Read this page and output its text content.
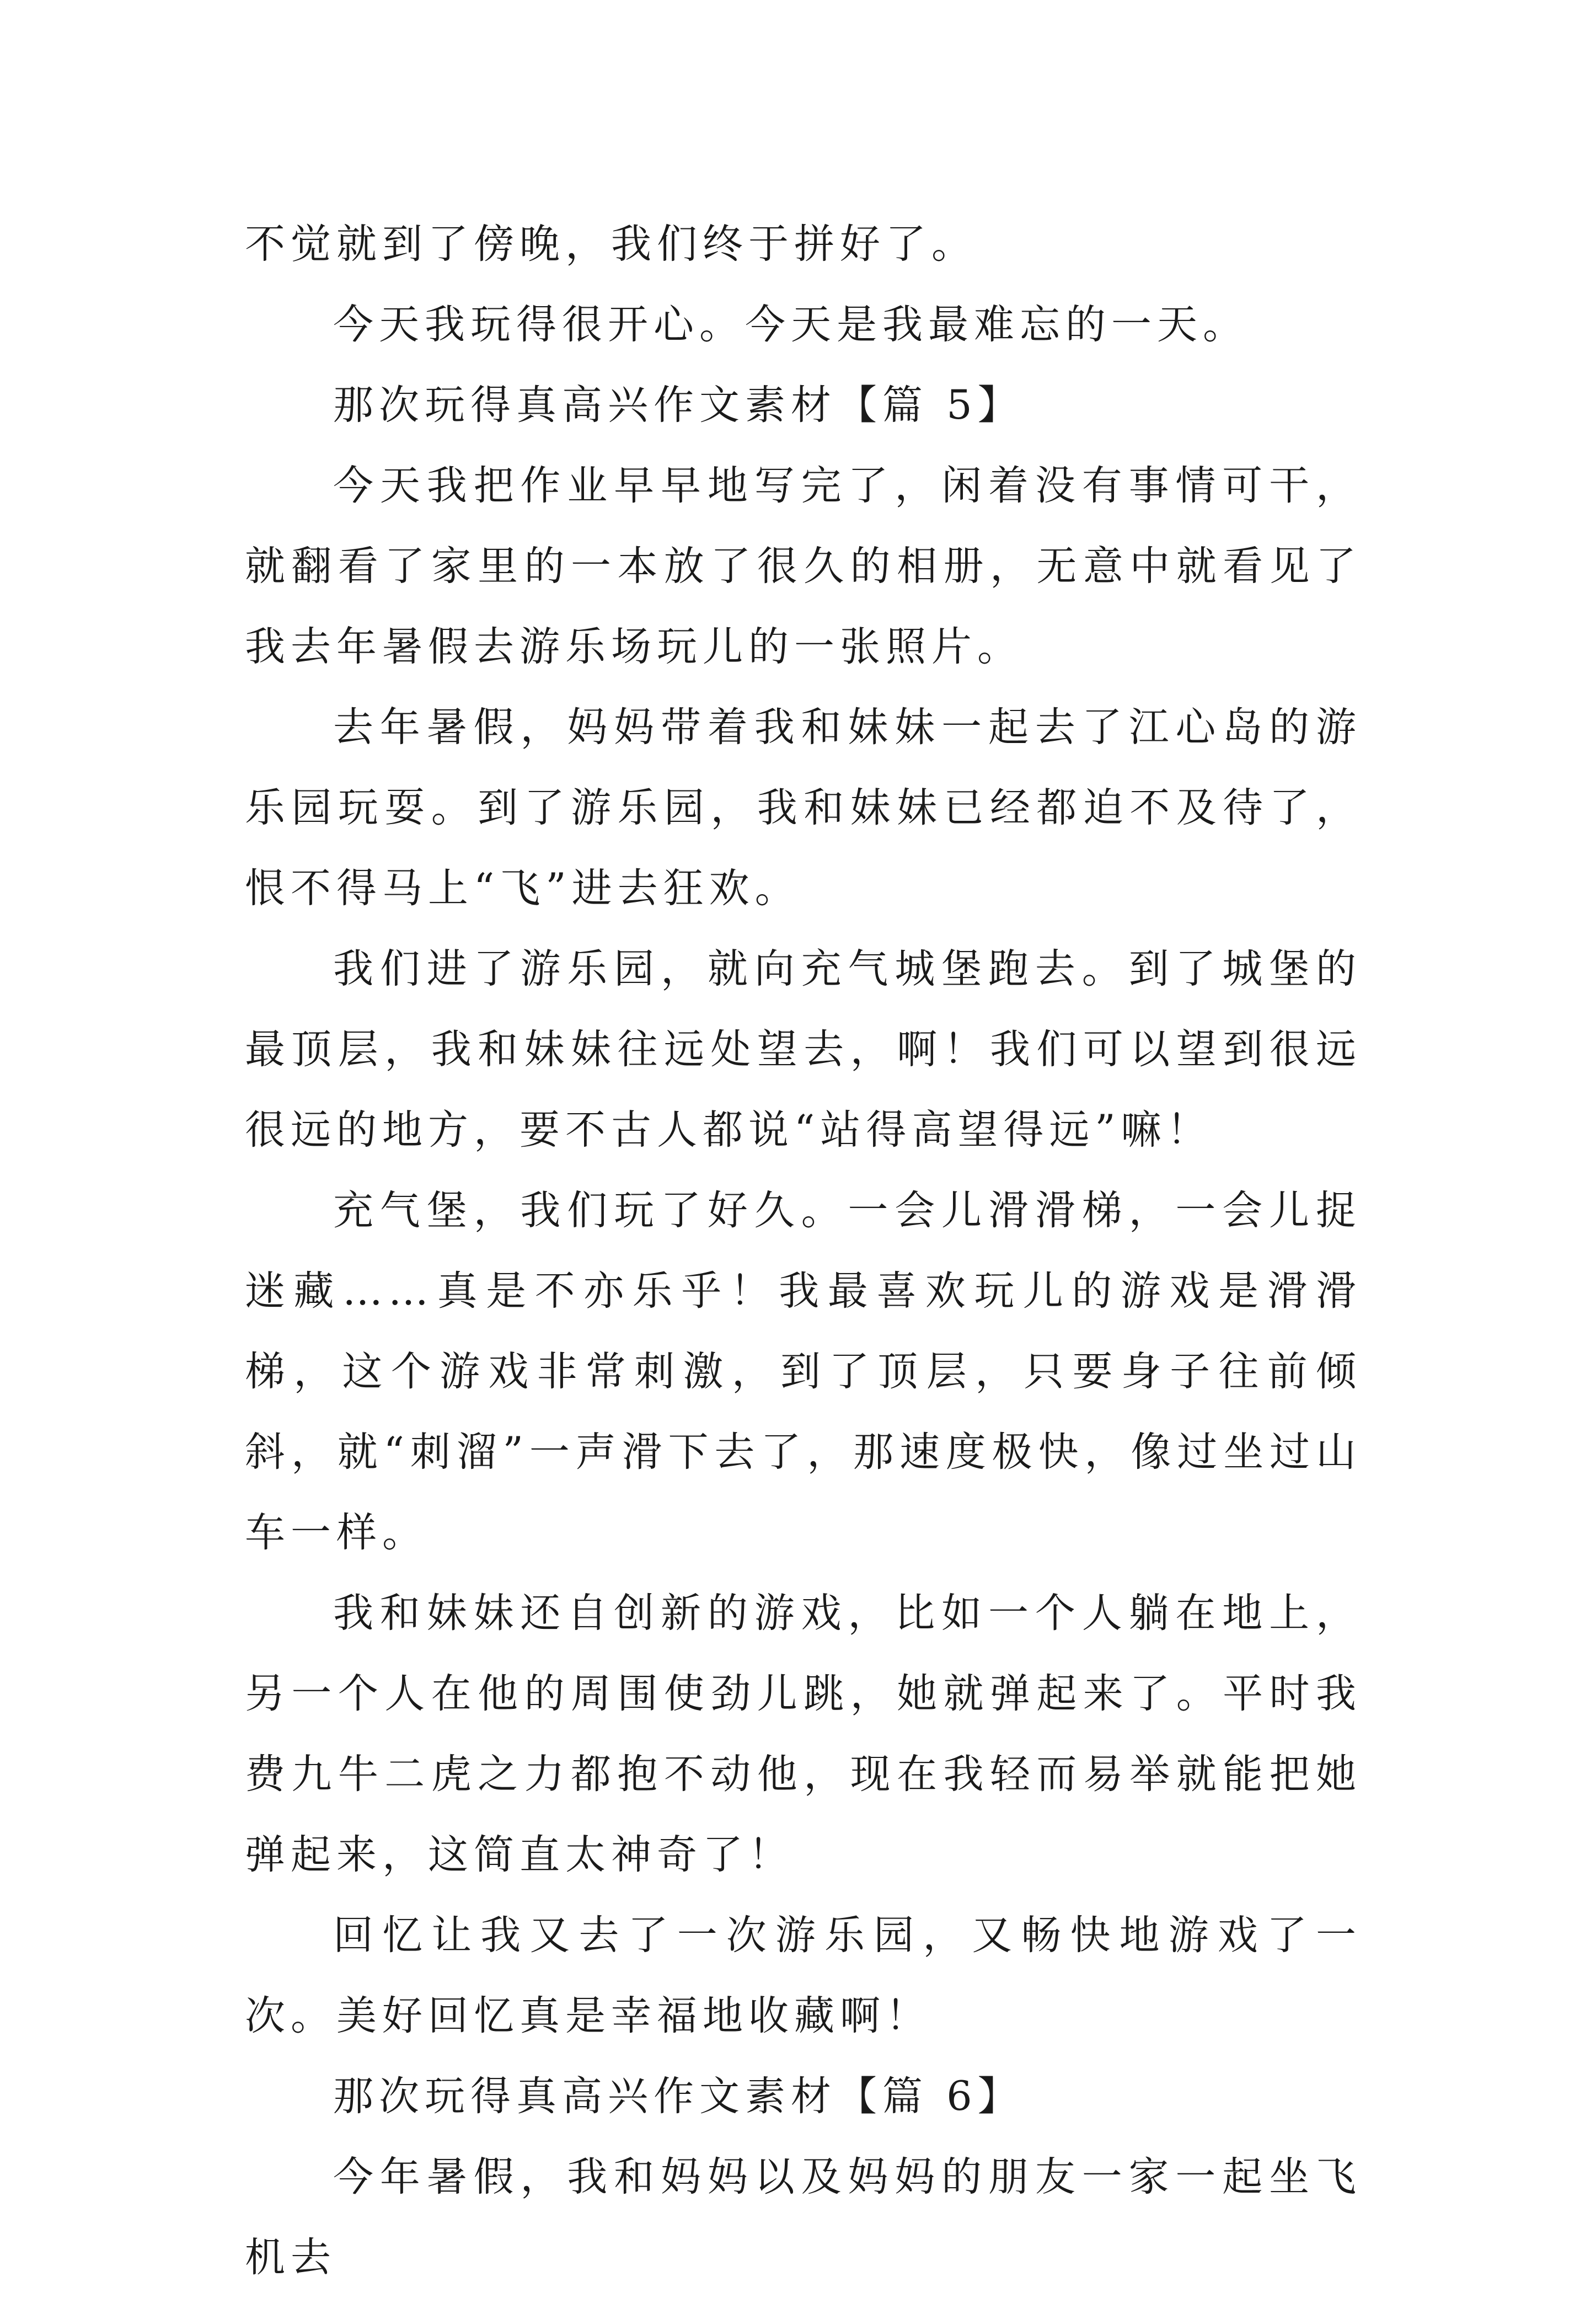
不觉就到了傍晚，我们终于拼好了。

今天我玩得很开心。今天是我最难忘的一天。

那次玩得真高兴作文素材【篇 5】

今天我把作业早早地写完了，闲着没有事情可干，就翻看了家里的一本放了很久的相册，无意中就看见了我去年暑假去游乐场玩儿的一张照片。

去年暑假，妈妈带着我和妹妹一起去了江心岛的游乐园玩耍。到了游乐园，我和妹妹已经都迫不及待了，恨不得马上“飞”进去狂欢。

我们进了游乐园，就向充气城堡跑去。到了城堡的最顶层，我和妹妹往远处望去，啊！我们可以望到很远很远的地方，要不古人都说“站得高望得远”嘛！

充气堡，我们玩了好久。一会儿滑滑梯，一会儿捉迷藏……真是不亦乐乎！我最喜欢玩儿的游戏是滑滑梯，这个游戏非常刺激，到了顶层，只要身子往前倾斜，就“刺溜”一声滑下去了，那速度极快，像过坐过山车一样。

我和妹妹还自创新的游戏，比如一个人躺在地上，另一个人在他的周围使劲儿跳，她就弹起来了。平时我费九牛二虎之力都抱不动他，现在我轻而易举就能把她弹起来，这简直太神奇了！

回忆让我又去了一次游乐园，又畅快地游戏了一次。美好回忆真是幸福地收藏啊！

那次玩得真高兴作文素材【篇 6】

今年暑假，我和妈妈以及妈妈的朋友一家一起坐飞机去
